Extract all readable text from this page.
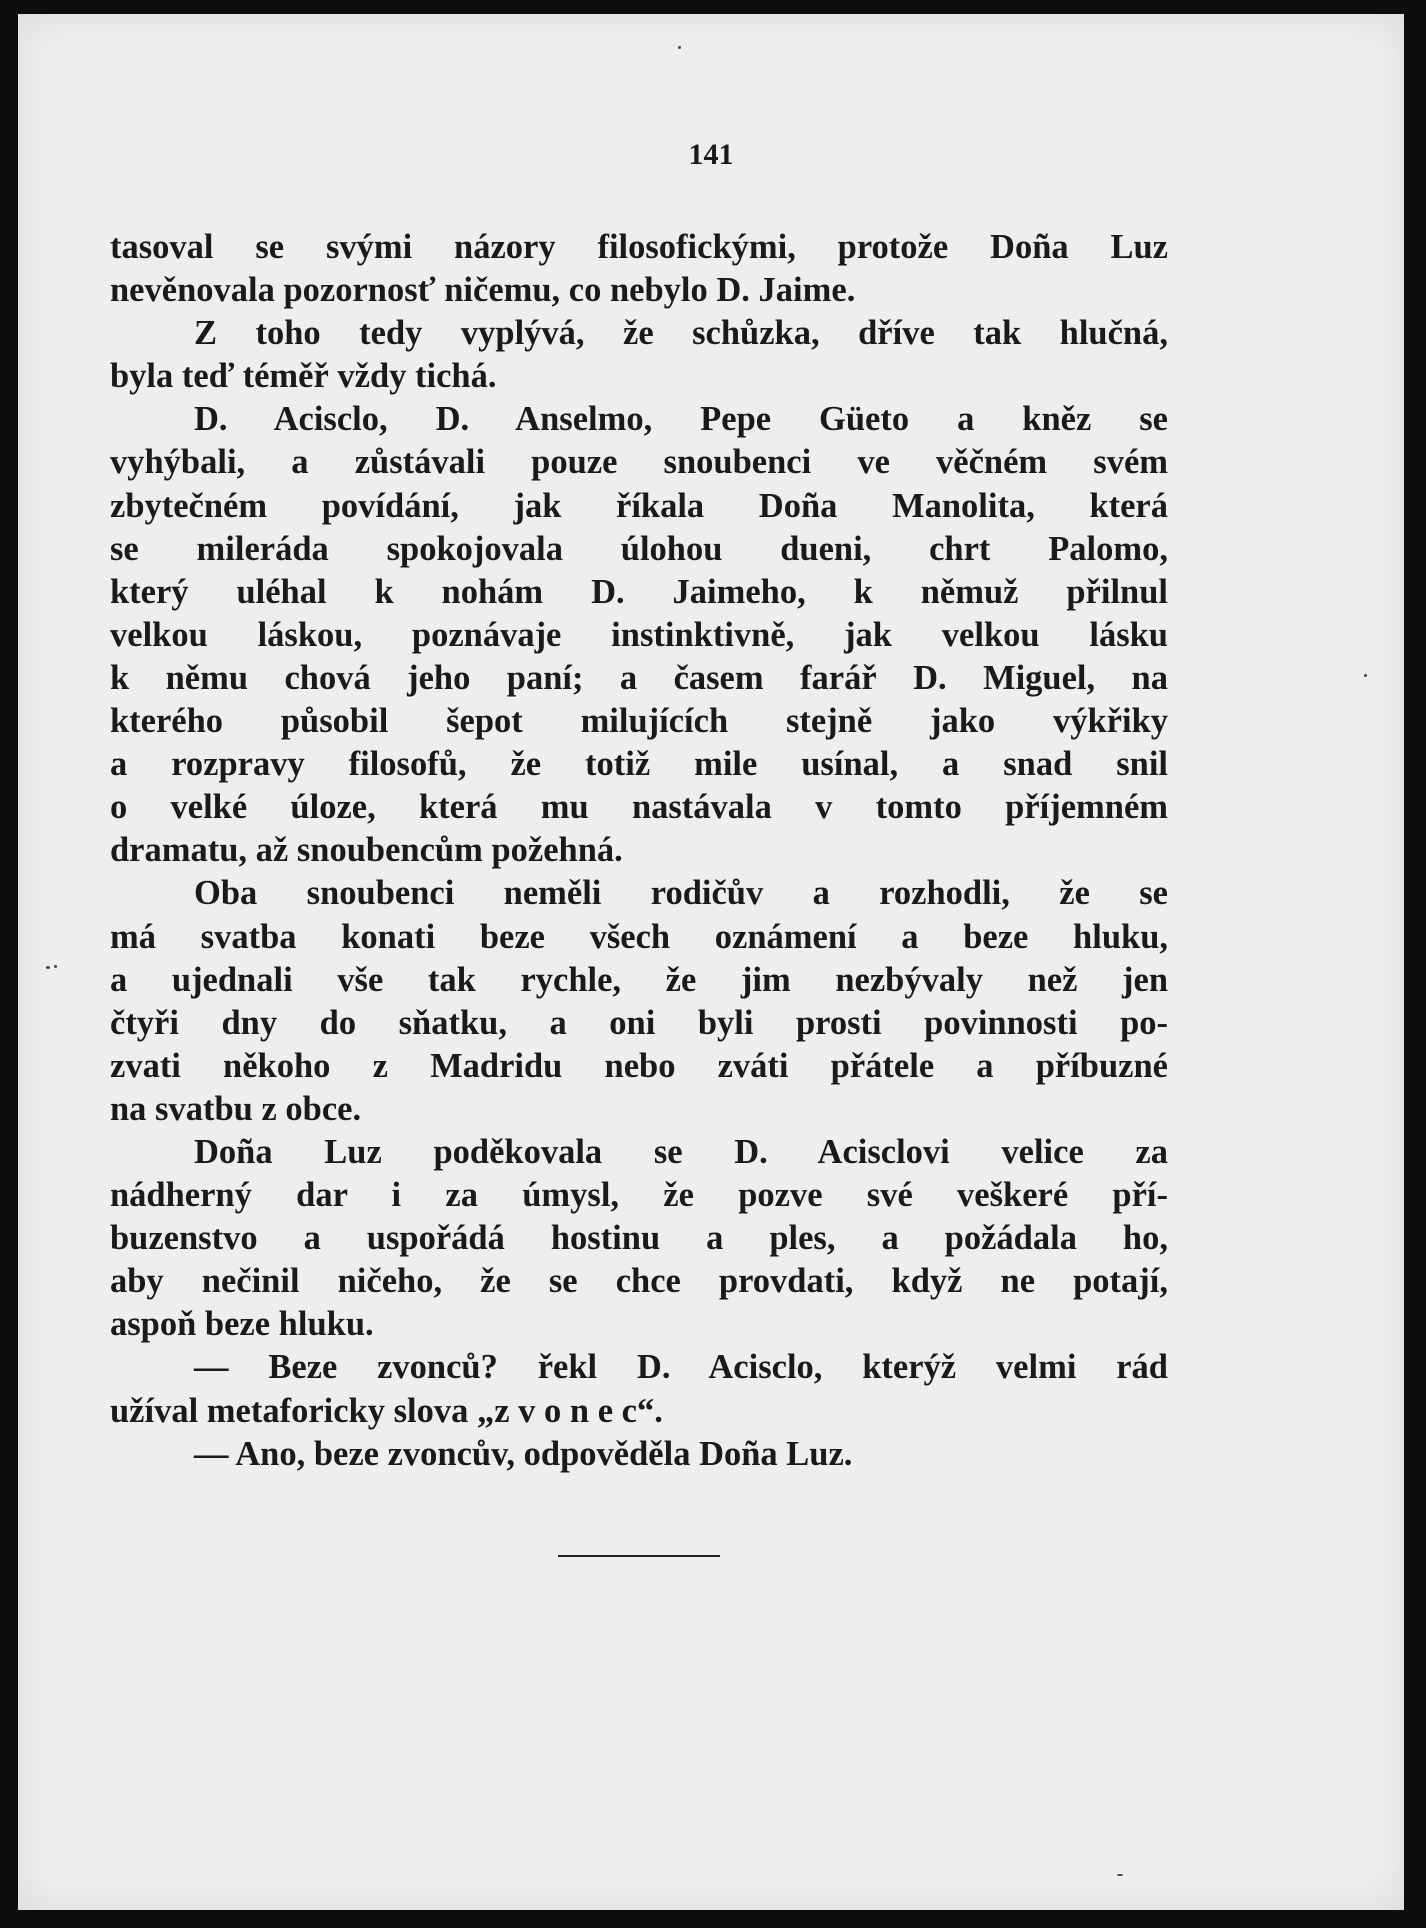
141
tasoval se svými názory filosofickými, protože Doña Luz
nevěnovala pozornosť ničemu, co nebylo D. Jaime.
Z toho tedy vyplývá, že schůzka, dříve tak hlučná,
byla teď téměř vždy tichá.
D. Acisclo, D. Anselmo, Pepe Güeto a kněz se
vyhýbali, a zůstávali pouze snoubenci ve věčném svém
zbytečném povídání, jak říkala Doña Manolita, která
se mileráda spokojovala úlohou dueni, chrt Palomo,
který uléhal k nohám D. Jaimeho, k němuž přilnul
velkou láskou, poznávaje instinktivně, jak velkou lásku
k němu chová jeho paní; a časem farář D. Miguel, na
kterého působil šepot milujících stejně jako výkřiky
a rozpravy filosofů, že totiž mile usínal, a snad snil
o velké úloze, která mu nastávala v tomto příjemném
dramatu, až snoubencům požehná.
Oba snoubenci neměli rodičův a rozhodli, že se
má svatba konati beze všech oznámení a beze hluku,
a ujednali vše tak rychle, že jim nezbývaly než jen
čtyři dny do sňatku, a oni byli prosti povinnosti po-
zvati někoho z Madridu nebo zváti přátele a příbuzné
na svatbu z obce.
Doña Luz poděkovala se D. Acisclovi velice za
nádherný dar i za úmysl, že pozve své veškeré pří-
buzenstvo a uspořádá hostinu a ples, a požádala ho,
aby nečinil ničeho, že se chce provdati, když ne potají,
aspoň beze hluku.
— Beze zvonců? řekl D. Acisclo, kterýž velmi rád
užíval metaforicky slova „z v o n e c“.
— Ano, beze zvoncův, odpověděla Doña Luz.
